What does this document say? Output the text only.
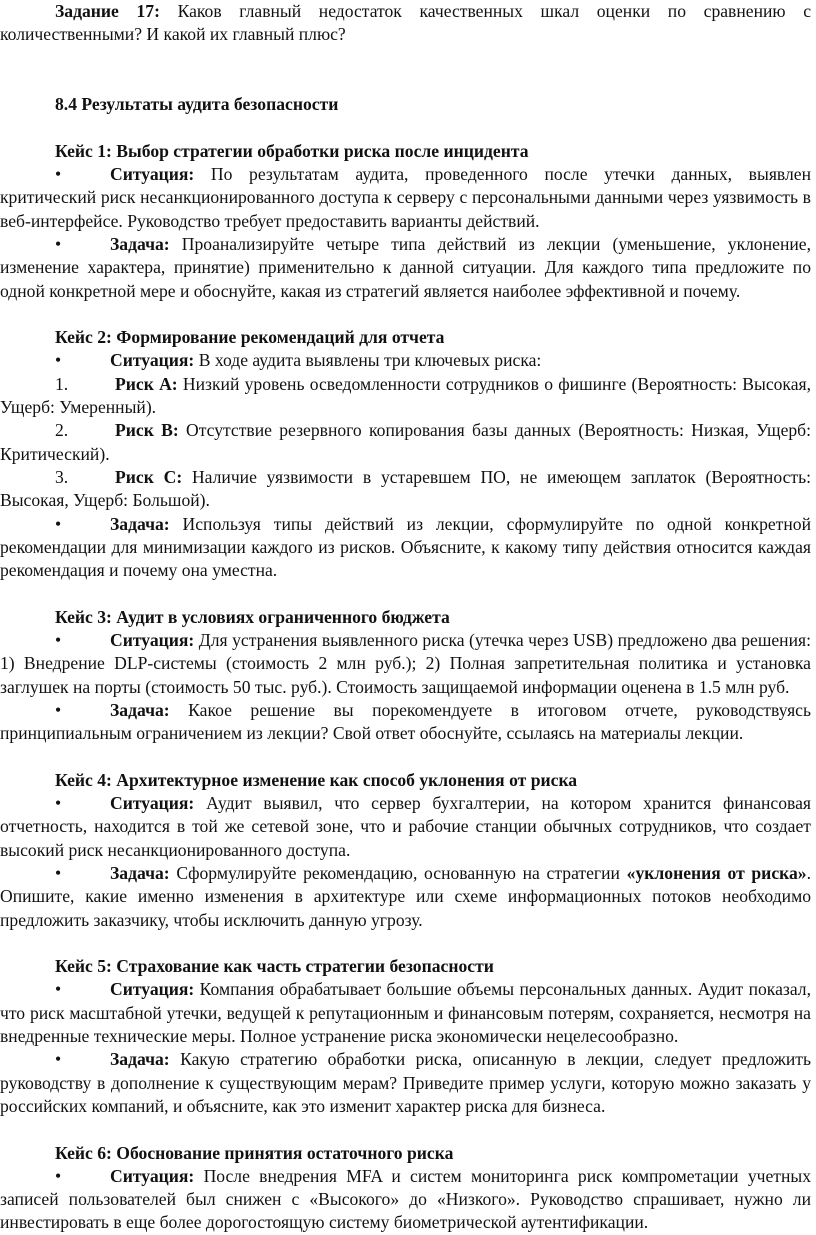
Задание 17: Каков главный недостаток качественных шкал оценки по сравнению с количественными? И какой их главный плюс?

8.4 Результаты аудита безопасности

Кейс 1: Выбор стратегии обработки риска после инцидента

•	Ситуация: По результатам аудита, проведенного после утечки данных, выявлен критический риск несанкционированного доступа к серверу с персональными данными через уязвимость в веб-интерфейсе. Руководство требует предоставить варианты действий.

•	Задача: Проанализируйте четыре типа действий из лекции (уменьшение, уклонение, изменение характера, принятие) применительно к данной ситуации. Для каждого типа предложите по одной конкретной мере и обоснуйте, какая из стратегий является наиболее эффективной и почему.

Кейс 2: Формирование рекомендаций для отчета

•	Ситуация: В ходе аудита выявлены три ключевых риска:

1.	Риск A: Низкий уровень осведомленности сотрудников о фишинге (Вероятность: Высокая, Ущерб: Умеренный).

2.	Риск B: Отсутствие резервного копирования базы данных (Вероятность: Низкая, Ущерб: Критический).

3.	Риск C: Наличие уязвимости в устаревшем ПО, не имеющем заплаток (Вероятность: Высокая, Ущерб: Большой).

•	Задача: Используя типы действий из лекции, сформулируйте по одной конкретной рекомендации для минимизации каждого из рисков. Объясните, к какому типу действия относится каждая рекомендация и почему она уместна.

Кейс 3: Аудит в условиях ограниченного бюджета

•	Ситуация: Для устранения выявленного риска (утечка через USB) предложено два решения: 1) Внедрение DLP-системы (стоимость 2 млн руб.); 2) Полная запретительная политика и установка заглушек на порты (стоимость 50 тыс. руб.). Стоимость защищаемой информации оценена в 1.5 млн руб.

•	Задача: Какое решение вы порекомендуете в итоговом отчете, руководствуясь принципиальным ограничением из лекции? Свой ответ обоснуйте, ссылаясь на материалы лекции.

Кейс 4: Архитектурное изменение как способ уклонения от риска

•	Ситуация: Аудит выявил, что сервер бухгалтерии, на котором хранится финансовая отчетность, находится в той же сетевой зоне, что и рабочие станции обычных сотрудников, что создает высокий риск несанкционированного доступа.

•	Задача: Сформулируйте рекомендацию, основанную на стратегии «уклонения от риска». Опишите, какие именно изменения в архитектуре или схеме информационных потоков необходимо предложить заказчику, чтобы исключить данную угрозу.

Кейс 5: Страхование как часть стратегии безопасности

•	Ситуация: Компания обрабатывает большие объемы персональных данных. Аудит показал, что риск масштабной утечки, ведущей к репутационным и финансовым потерям, сохраняется, несмотря на внедренные технические меры. Полное устранение риска экономически нецелесообразно.

•	Задача: Какую стратегию обработки риска, описанную в лекции, следует предложить руководству в дополнение к существующим мерам? Приведите пример услуги, которую можно заказать у российских компаний, и объясните, как это изменит характер риска для бизнеса.

Кейс 6: Обоснование принятия остаточного риска

•	Ситуация: После внедрения MFA и систем мониторинга риск компрометации учетных записей пользователей был снижен с «Высокого» до «Низкого». Руководство спрашивает, нужно ли инвестировать в еще более дорогостоящую систему биометрической аутентификации.
